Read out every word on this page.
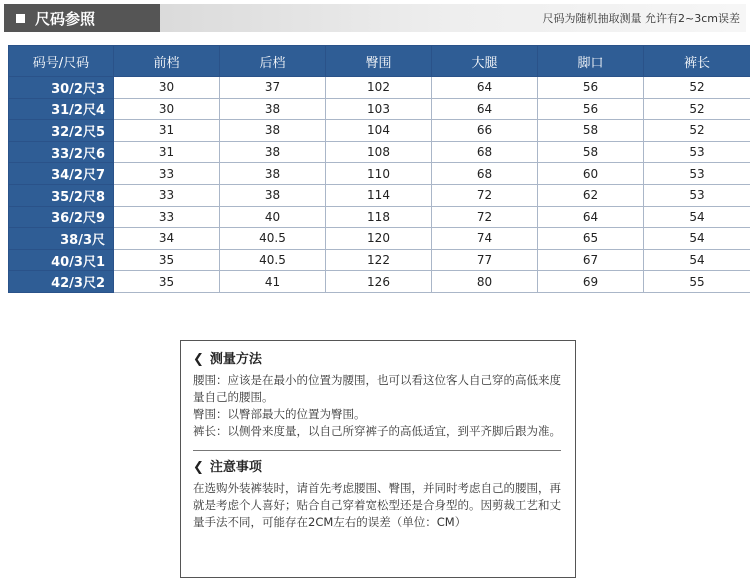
尺码参照	尺码为随机抽取测量 允许有2~3cm误差
码号/尺码	前档	后档	臀围	大腿	脚口	裤长
30/2尺3	30	37	102	64	56	52
31/2尺4	30	38	103	64	56	52
32/2尺5	31	38	104	66	58	52
33/2尺6	31	38	108	68	58	53
34/2尺7	33	38	110	68	60	53
35/2尺8	33	38	114	72	62	53
36/2尺9	33	40	118	72	64	54
38/3尺	34	40.5	120	74	65	54
40/3尺1	35	40.5	122	77	67	54
42/3尺2	35	41	126	80	69	55
❮ 测量方法

腰围：应该是在最小的位置为腰围，也可以看这位客人自己穿的高低来度量自己的腰围。

臀围：以臀部最大的位置为臀围。

裤长：以侧骨来度量，以自己所穿裤子的高低适宜，到平齐脚后跟为准。

❮ 注意事项

在选购外装裤装时，请首先考虑腰围、臀围，并同时考虑自己的腰围，再就是考虑个人喜好；贴合自己穿着宽松型还是合身型的。因剪裁工艺和丈量手法不同，可能存在2CM左右的误差（单位：CM）
